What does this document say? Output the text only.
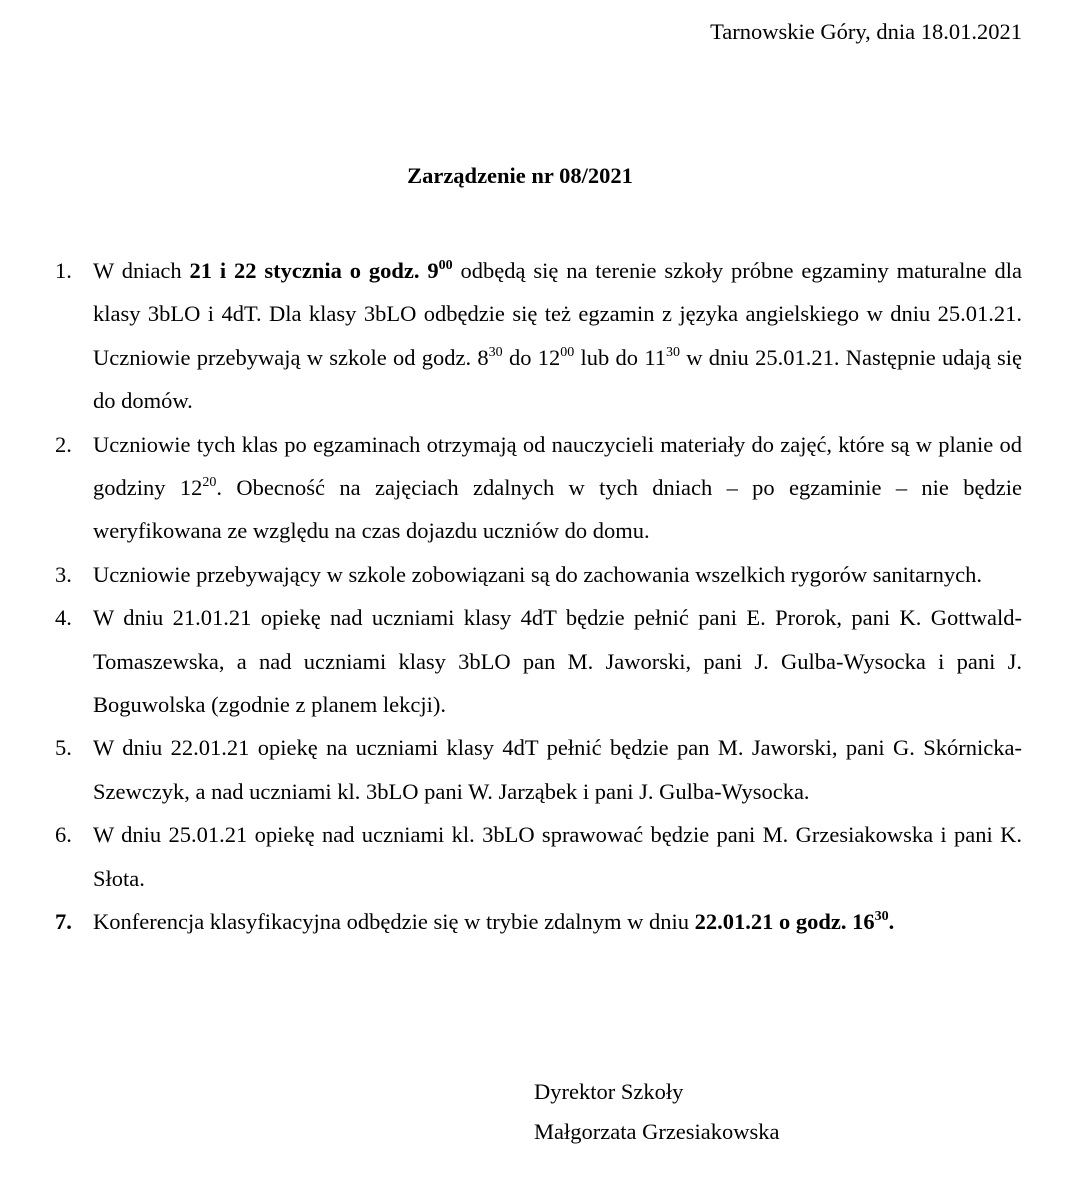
Tarnowskie Góry, dnia 18.01.2021

Zarządzenie nr 08/2021
1. W dniach 21 i 22 stycznia o godz. $9^{00}$ odbędą się na terenie szkoły próbne egzaminy maturalne dla klasy 3bLO i 4dT. Dla klasy 3bLO odbędzie się też egzamin z języka angielskiego w dniu 25.01.21. Uczniowie przebywają w szkole od godz. $8^{30}$ do $12^{00}$ lub do $11^{30}$ w dniu 25.01.21. Następnie udają się do domów.
2. Uczniowie tych klas po egzaminach otrzymają od nauczycieli materiały do zajęć, które są w planie od godziny $12^{20}$. Obecność na zajęciach zdalnych w tych dniach – po egzaminie – nie będzie weryfikowana ze względu na czas dojazdu uczniów do domu.
3. Uczniowie przebywający w szkole zobowiązani są do zachowania wszelkich rygorów sanitarnych.
4. W dniu 21.01.21 opiekę nad uczniami klasy 4dT będzie pełnić pani E. Prorok, pani K. Gottwald-Tomaszewska, a nad uczniami klasy 3bLO pan M. Jaworski, pani J. Gulba-Wysocka i pani J. Boguwolska (zgodnie z planem lekcji).
5. W dniu 22.01.21 opiekę na uczniami klasy 4dT pełnić będzie pan M. Jaworski, pani G. Skórnicka-Szewczyk, a nad uczniami kl. 3bLO pani W. Jarząbek i pani J. Gulba-Wysocka.
6. W dniu 25.01.21 opiekę nad uczniami kl. 3bLO sprawować będzie pani M. Grzesiakowska i pani K. Słota.
7. Konferencja klasyfikacyjna odbędzie się w trybie zdalnym w dniu 22.01.21 o godz. $16^{30}$.
Dyrektor Szkoły
Małgorzata Grzesiakowska
